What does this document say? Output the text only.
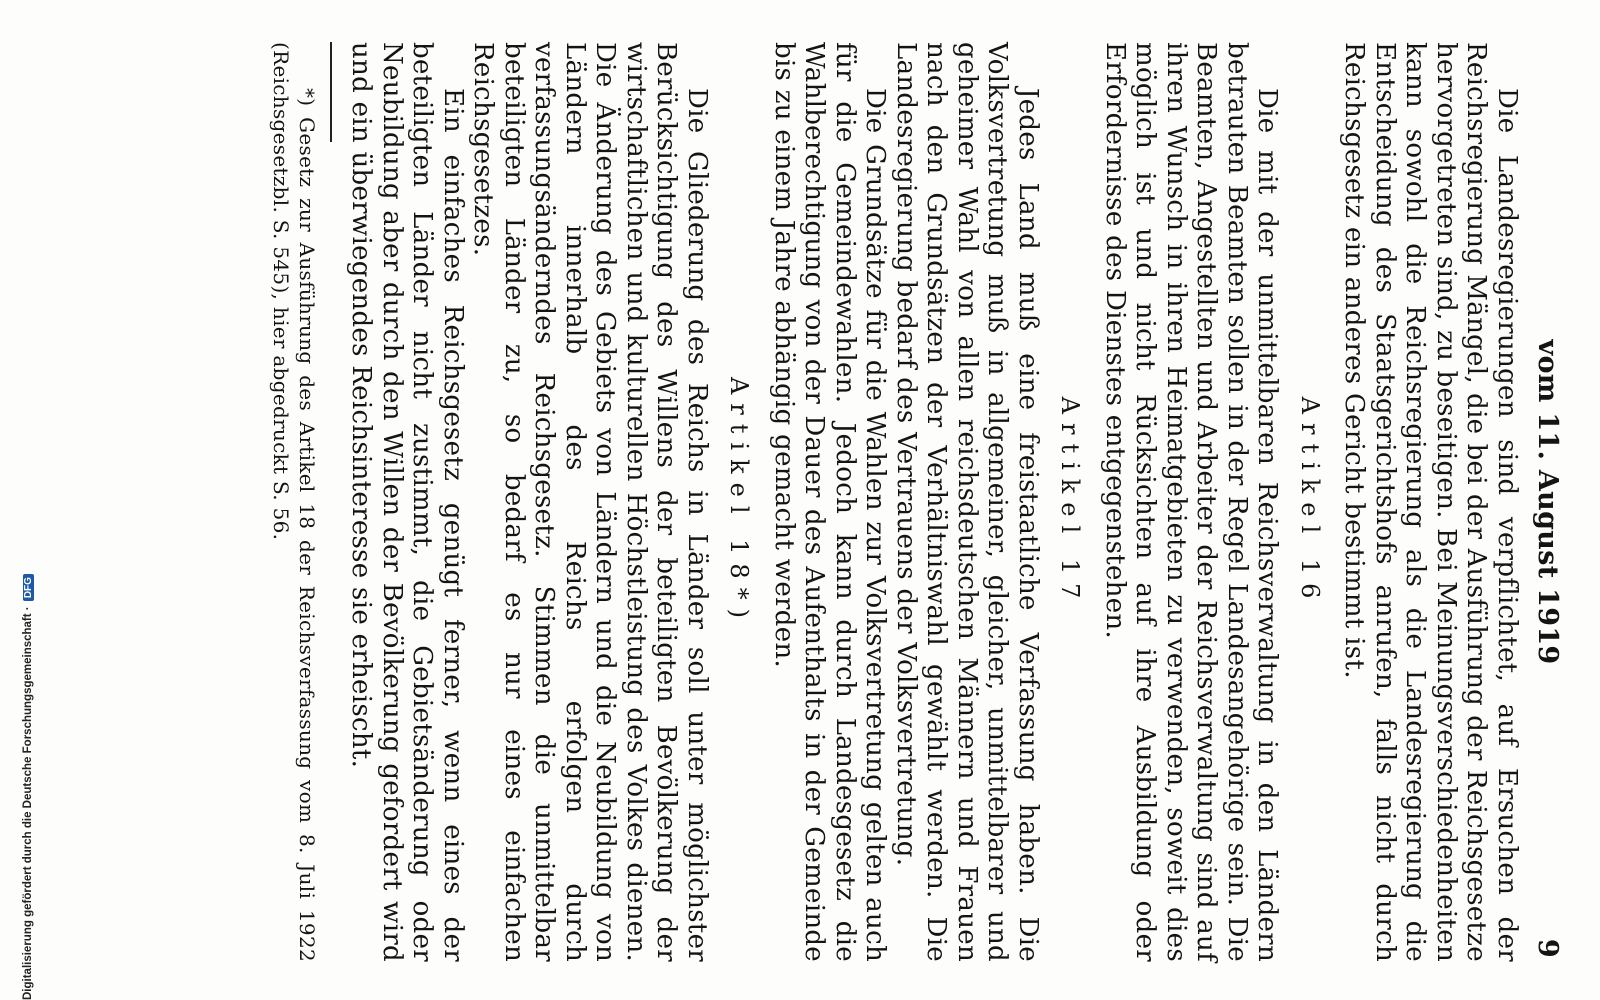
vom 11. August 1919
9

Die Landesregierungen sind verpflichtet, auf Ersuchen der Reichsregierung Mängel, die bei der Ausführung der Reichsgesetze hervorgetreten sind, zu beseitigen. Bei Meinungsverschiedenheiten kann sowohl die Reichsregierung als die Landesregierung die Entscheidung des Staatsgerichtshofs anrufen, falls nicht durch Reichsgesetz ein anderes Gericht bestimmt ist.

Artikel 16

Die mit der unmittelbaren Reichsverwaltung in den Ländern betrauten Beamten sollen in der Regel Landesangehörige sein. Die Beamten, Angestellten und Arbeiter der Reichsverwaltung sind auf ihren Wunsch in ihren Heimatgebieten zu verwenden, soweit dies möglich ist und nicht Rücksichten auf ihre Ausbildung oder Erfordernisse des Dienstes entgegenstehen.

Artikel 17

Jedes Land muß eine freistaatliche Verfassung haben. Die Volksvertretung muß in allgemeiner, gleicher, unmittelbarer und geheimer Wahl von allen reichsdeutschen Männern und Frauen nach den Grundsätzen der Verhältniswahl gewählt werden. Die Landesregierung bedarf des Vertrauens der Volksvertretung.

Die Grundsätze für die Wahlen zur Volksvertretung gelten auch für die Gemeindewahlen. Jedoch kann durch Landesgesetz die Wahlberechtigung von der Dauer des Aufenthalts in der Gemeinde bis zu einem Jahre abhängig gemacht werden.

Artikel 18*)

Die Gliederung des Reichs in Länder soll unter möglichster Berücksichtigung des Willens der beteiligten Bevölkerung der wirtschaftlichen und kulturellen Höchstleistung des Volkes dienen. Die Änderung des Gebiets von Ländern und die Neubildung von Ländern innerhalb des Reichs erfolgen durch verfassungsänderndes Reichsgesetz. Stimmen die unmittelbar beteiligten Länder zu, so bedarf es nur eines einfachen Reichsgesetzes.

Ein einfaches Reichsgesetz genügt ferner, wenn eines der beteiligten Länder nicht zustimmt, die Gebietsänderung oder Neubildung aber durch den Willen der Bevölkerung gefordert wird und ein überwiegendes Reichsinteresse sie erheischt.

*) Gesetz zur Ausführung des Artikel 18 der Reichsverfassung vom 8. Juli 1922 (Reichsgesetzbl. S. 545), hier abgedruckt S. 56.

Digitalisierung gefördert durch die Deutsche Forschungsgemeinschaft · DFG
